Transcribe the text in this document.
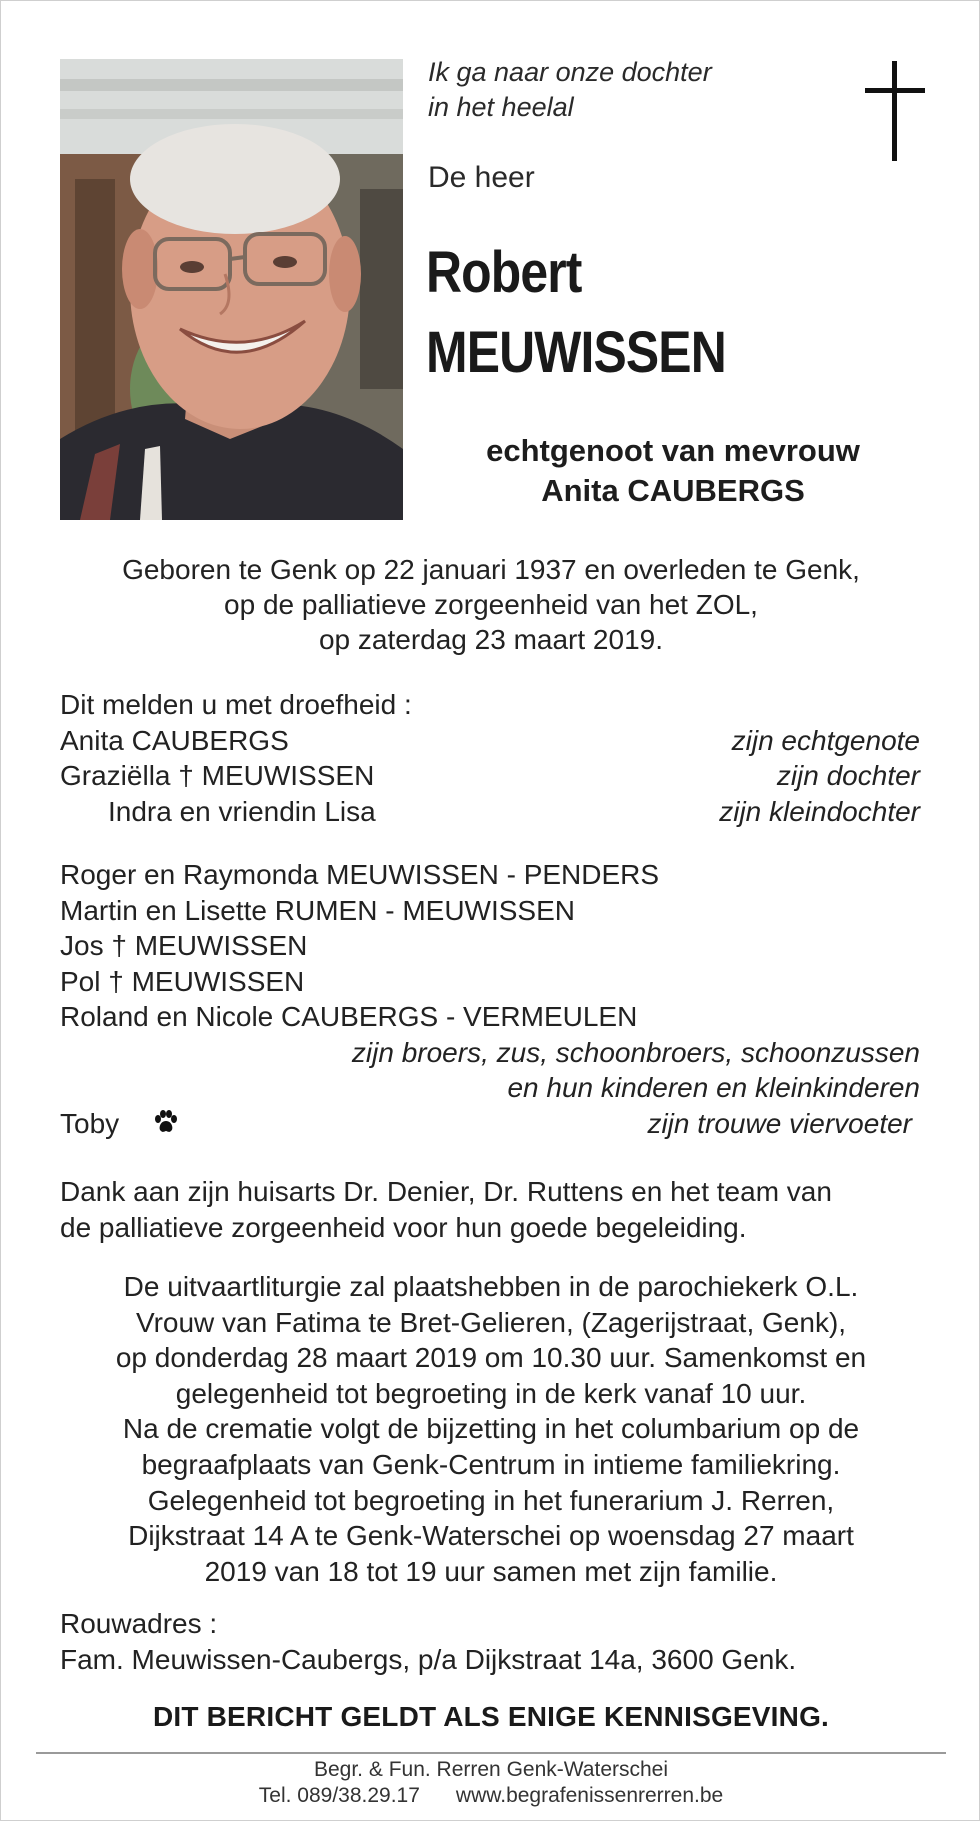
Ik ga naar onze dochter
in het heelal
De heer
Robert
MEUWISSEN
echtgenoot van mevrouw
Anita CAUBERGS
Geboren te Genk op 22 januari 1937 en overleden te Genk,
op de palliatieve zorgeenheid van het ZOL,
op zaterdag 23 maart 2019.
Dit melden u met droefheid :
Anita CAUBERGS	zijn echtgenote
Graziëlla † MEUWISSEN	zijn dochter
Indra en vriendin Lisa	zijn kleindochter
Roger en Raymonda MEUWISSEN - PENDERS
Martin en Lisette RUMEN - MEUWISSEN
Jos † MEUWISSEN
Pol † MEUWISSEN
Roland en Nicole CAUBERGS - VERMEULEN
zijn broers, zus, schoonbroers, schoonzussen
en hun kinderen en kleinkinderen
Toby	zijn trouwe viervoeter
Dank aan zijn huisarts Dr. Denier, Dr. Ruttens en het team van
de palliatieve zorgeenheid voor hun goede begeleiding.
De uitvaartliturgie zal plaatshebben in de parochiekerk O.L.
Vrouw van Fatima te Bret-Gelieren, (Zagerijstraat, Genk),
op donderdag 28 maart 2019 om 10.30 uur. Samenkomst en
gelegenheid tot begroeting in de kerk vanaf 10 uur.
Na de crematie volgt de bijzetting in het columbarium op de
begraafplaats van Genk-Centrum in intieme familiekring.
Gelegenheid tot begroeting in het funerarium J. Rerren,
Dijkstraat 14 A te Genk-Waterschei op woensdag 27 maart
2019 van 18 tot 19 uur samen met zijn familie.
Rouwadres :
Fam. Meuwissen-Caubergs, p/a Dijkstraat 14a, 3600 Genk.
DIT BERICHT GELDT ALS ENIGE KENNISGEVING.
Begr. & Fun. Rerren Genk-Waterschei
Tel. 089/38.29.17 www.begrafenissenrerren.be
